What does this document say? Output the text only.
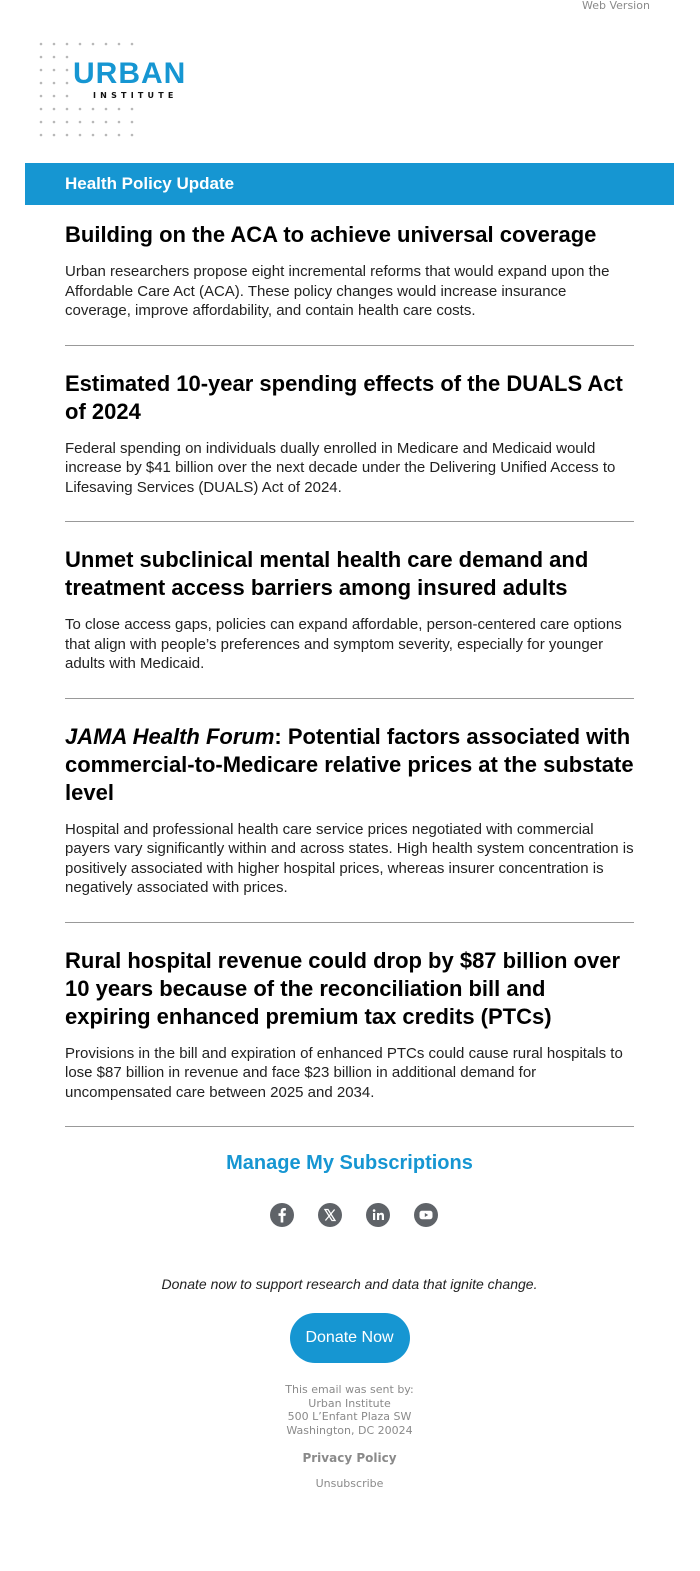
Web Version
URBAN
INSTITUTE
Health Policy Update
Building on the ACA to achieve universal coverage

Urban researchers propose eight incremental reforms that would expand upon the Affordable Care Act (ACA). These policy changes would increase insurance coverage, improve affordability, and contain health care costs.

Estimated 10-year spending effects of the DUALS Act of 2024

Federal spending on individuals dually enrolled in Medicare and Medicaid would increase by $41 billion over the next decade under the Delivering Unified Access to Lifesaving Services (DUALS) Act of 2024.

Unmet subclinical mental health care demand and treatment access barriers among insured adults

To close access gaps, policies can expand affordable, person-centered care options that align with people’s preferences and symptom severity, especially for younger adults with Medicaid.

JAMA Health Forum: Potential factors associated with commercial-to-Medicare relative prices at the substate level

Hospital and professional health care service prices negotiated with commercial payers vary significantly within and across states. High health system concentration is positively associated with higher hospital prices, whereas insurer concentration is negatively associated with prices.

Rural hospital revenue could drop by $87 billion over 10 years because of the reconciliation bill and expiring enhanced premium tax credits (PTCs)

Provisions in the bill and expiration of enhanced PTCs could cause rural hospitals to lose $87 billion in revenue and face $23 billion in additional demand for uncompensated care between 2025 and 2034.

Manage My Subscriptions
Donate now to support research and data that ignite change.
Donate Now
This email was sent by:
Urban Institute
500 L’Enfant Plaza SW
Washington, DC 20024
Privacy Policy
Unsubscribe
